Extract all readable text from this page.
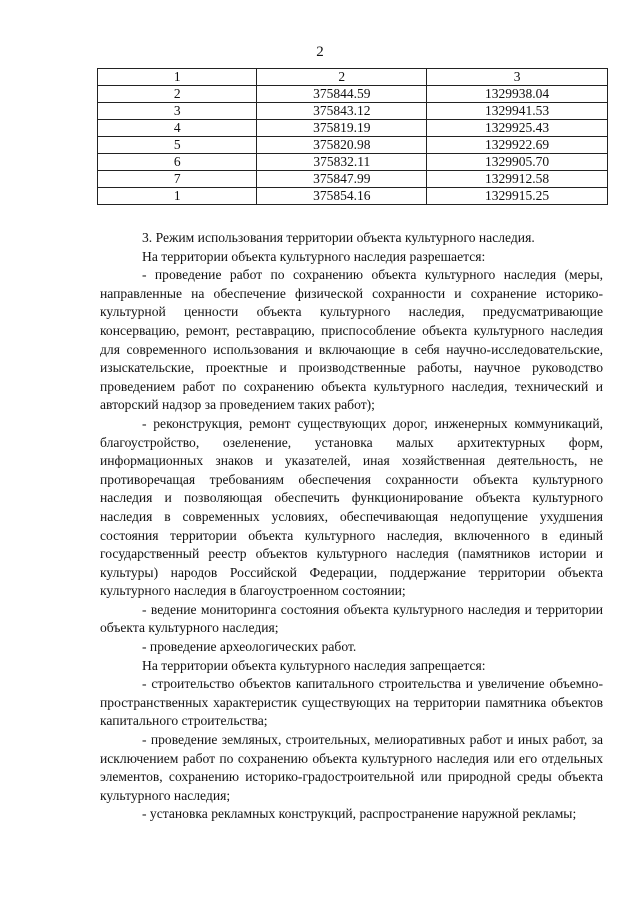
2
1	2	3
2	375844.59	1329938.04
3	375843.12	1329941.53
4	375819.19	1329925.43
5	375820.98	1329922.69
6	375832.11	1329905.70
7	375847.99	1329912.58
1	375854.16	1329915.25

3. Режим использования территории объекта культурного наследия.

На территории объекта культурного наследия разрешается:

- проведение работ по сохранению объекта культурного наследия (меры, направленные на обеспечение физической сохранности и сохранение историко-культурной ценности объекта культурного наследия, предусматривающие консервацию, ремонт, реставрацию, приспособление объекта культурного наследия для современного использования и включающие в себя научно-исследовательские, изыскательские, проектные и производственные работы, научное руководство проведением работ по сохранению объекта культурного наследия, технический и авторский надзор за проведением таких работ);

- реконструкция, ремонт существующих дорог, инженерных коммуникаций, благоустройство, озеленение, установка малых архитектурных форм, информационных знаков и указателей, иная хозяйственная деятельность, не противоречащая требованиям обеспечения сохранности объекта культурного наследия и позволяющая обеспечить функционирование объекта культурного наследия в современных условиях, обеспечивающая недопущение ухудшения состояния территории объекта культурного наследия, включенного в единый государственный реестр объектов культурного наследия (памятников истории и культуры) народов Российской Федерации, поддержание территории объекта культурного наследия в благоустроенном состоянии;

- ведение мониторинга состояния объекта культурного наследия и территории объекта культурного наследия;

- проведение археологических работ.

На территории объекта культурного наследия запрещается:

- строительство объектов капитального строительства и увеличение объемно-пространственных характеристик существующих на территории памятника объектов капитального строительства;

- проведение земляных, строительных, мелиоративных работ и иных работ, за исключением работ по сохранению объекта культурного наследия или его отдельных элементов, сохранению историко-градостроительной или природной среды объекта культурного наследия;

- установка рекламных конструкций, распространение наружной рекламы;
